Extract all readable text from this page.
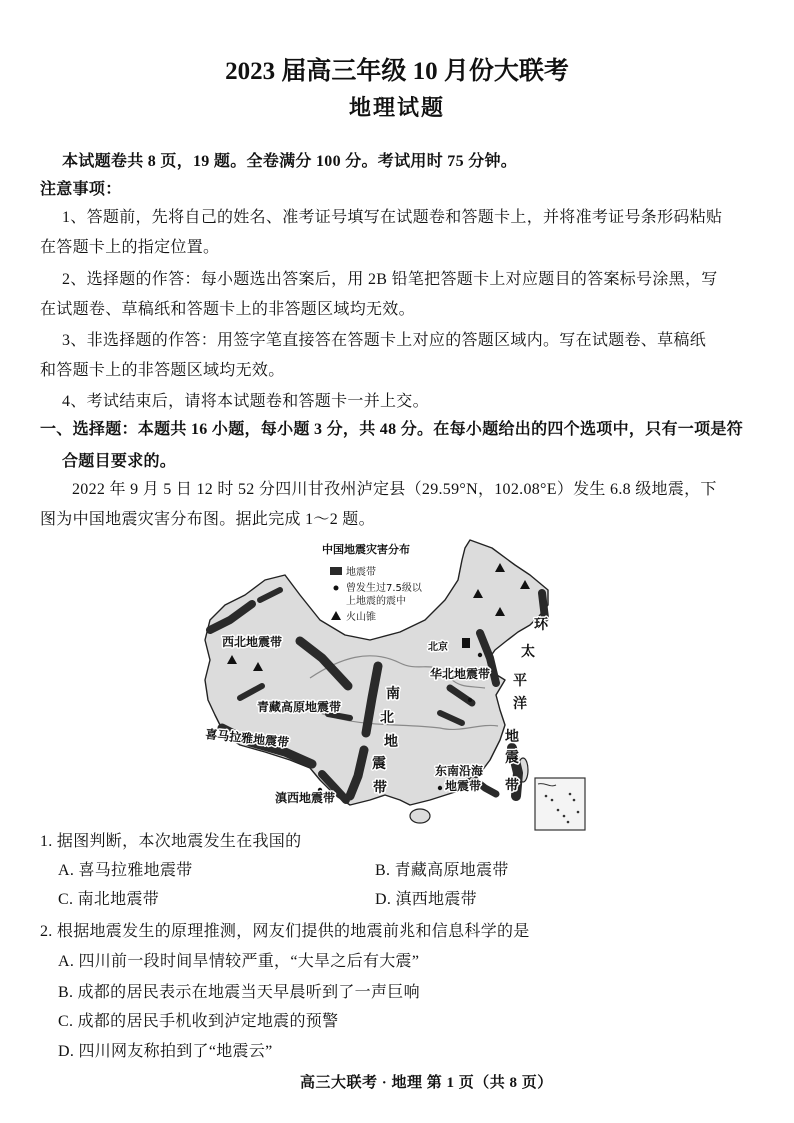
2023 届高三年级 10 月份大联考
地理试题
本试题卷共 8 页，19 题。全卷满分 100 分。考试用时 75 分钟。
注意事项：
1、答题前，先将自己的姓名、准考证号填写在试题卷和答题卡上，并将准考证号条形码粘贴
在答题卡上的指定位置。
2、选择题的作答：每小题选出答案后，用 2B 铅笔把答题卡上对应题目的答案标号涂黑，写
在试题卷、草稿纸和答题卡上的非答题区域均无效。
3、非选择题的作答：用签字笔直接答在答题卡上对应的答题区域内。写在试题卷、草稿纸
和答题卡上的非答题区域均无效。
4、考试结束后，请将本试题卷和答题卡一并上交。
一、选择题：本题共 16 小题，每小题 3 分，共 48 分。在每小题给出的四个选项中，只有一项是符
合题目要求的。
2022 年 9 月 5 日 12 时 52 分四川甘孜州泸定县（29.59°N，102.08°E）发生 6.8 级地震，下
图为中国地震灾害分布图。据此完成 1～2 题。
中国地震灾害分布
地震带
曾发生过7.5级以
上地震的震中
火山锥
西北地震带	北京
华北地震带
青藏高原地震带
喜马拉雅地震带
滇西地震带
东南沿海
地震带
南
北
地
震
带
环
太
平
洋
地
震
带
1. 据图判断，本次地震发生在我国的
A. 喜马拉雅地震带	B. 青藏高原地震带
C. 南北地震带	D. 滇西地震带
2. 根据地震发生的原理推测，网友们提供的地震前兆和信息科学的是
A. 四川前一段时间旱情较严重，“大旱之后有大震”
B. 成都的居民表示在地震当天早晨听到了一声巨响
C. 成都的居民手机收到泸定地震的预警
D. 四川网友称拍到了“地震云”
高三大联考 · 地理 第 1 页（共 8 页）
